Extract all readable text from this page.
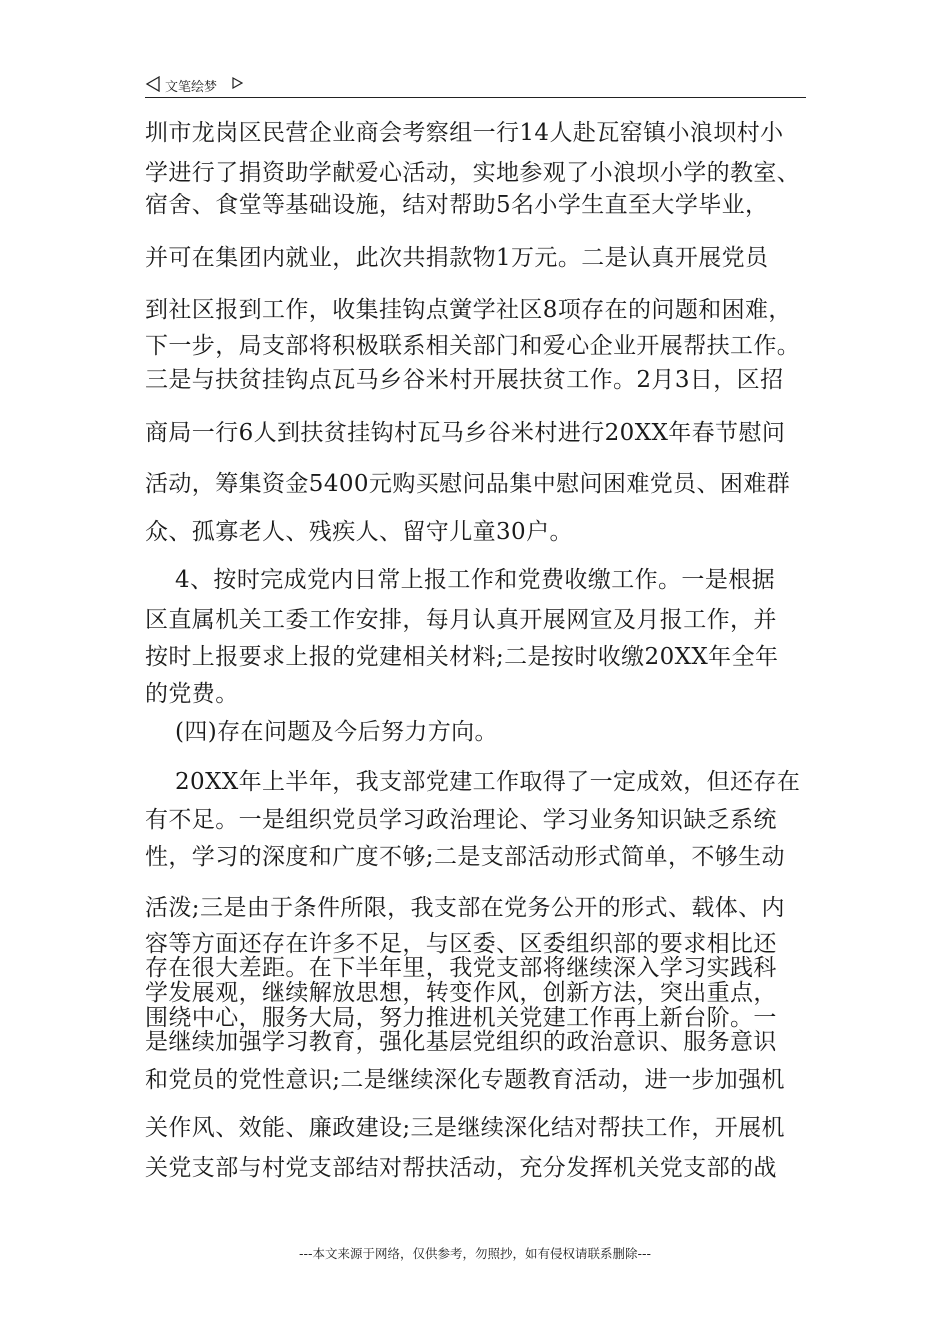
文笔绘梦
圳市龙岗区民营企业商会考察组一行14人赴瓦窑镇小浪坝村小
学进行了捐资助学献爱心活动，实地参观了小浪坝小学的教室、
宿舍、食堂等基础设施，结对帮助5名小学生直至大学毕业，
并可在集团内就业，此次共捐款物1万元。二是认真开展党员
到社区报到工作，收集挂钩点黉学社区8项存在的问题和困难，
下一步，局支部将积极联系相关部门和爱心企业开展帮扶工作。
三是与扶贫挂钩点瓦马乡谷米村开展扶贫工作。2月3日，区招
商局一行6人到扶贫挂钩村瓦马乡谷米村进行20XX年春节慰问
活动，筹集资金5400元购买慰问品集中慰问困难党员、困难群
众、孤寡老人、残疾人、留守儿童30户。
4、按时完成党内日常上报工作和党费收缴工作。一是根据
区直属机关工委工作安排，每月认真开展网宣及月报工作，并
按时上报要求上报的党建相关材料;二是按时收缴20XX年全年
的党费。
(四)存在问题及今后努力方向。
20XX年上半年，我支部党建工作取得了一定成效，但还存在
有不足。一是组织党员学习政治理论、学习业务知识缺乏系统
性，学习的深度和广度不够;二是支部活动形式简单，不够生动
活泼;三是由于条件所限，我支部在党务公开的形式、载体、内
容等方面还存在许多不足，与区委、区委组织部的要求相比还
存在很大差距。在下半年里，我党支部将继续深入学习实践科
学发展观，继续解放思想，转变作风，创新方法，突出重点，
围绕中心，服务大局，努力推进机关党建工作再上新台阶。一
是继续加强学习教育，强化基层党组织的政治意识、服务意识
和党员的党性意识;二是继续深化专题教育活动，进一步加强机
关作风、效能、廉政建设;三是继续深化结对帮扶工作，开展机
关党支部与村党支部结对帮扶活动，充分发挥机关党支部的战
---本文来源于网络，仅供参考，勿照抄，如有侵权请联系删除---
